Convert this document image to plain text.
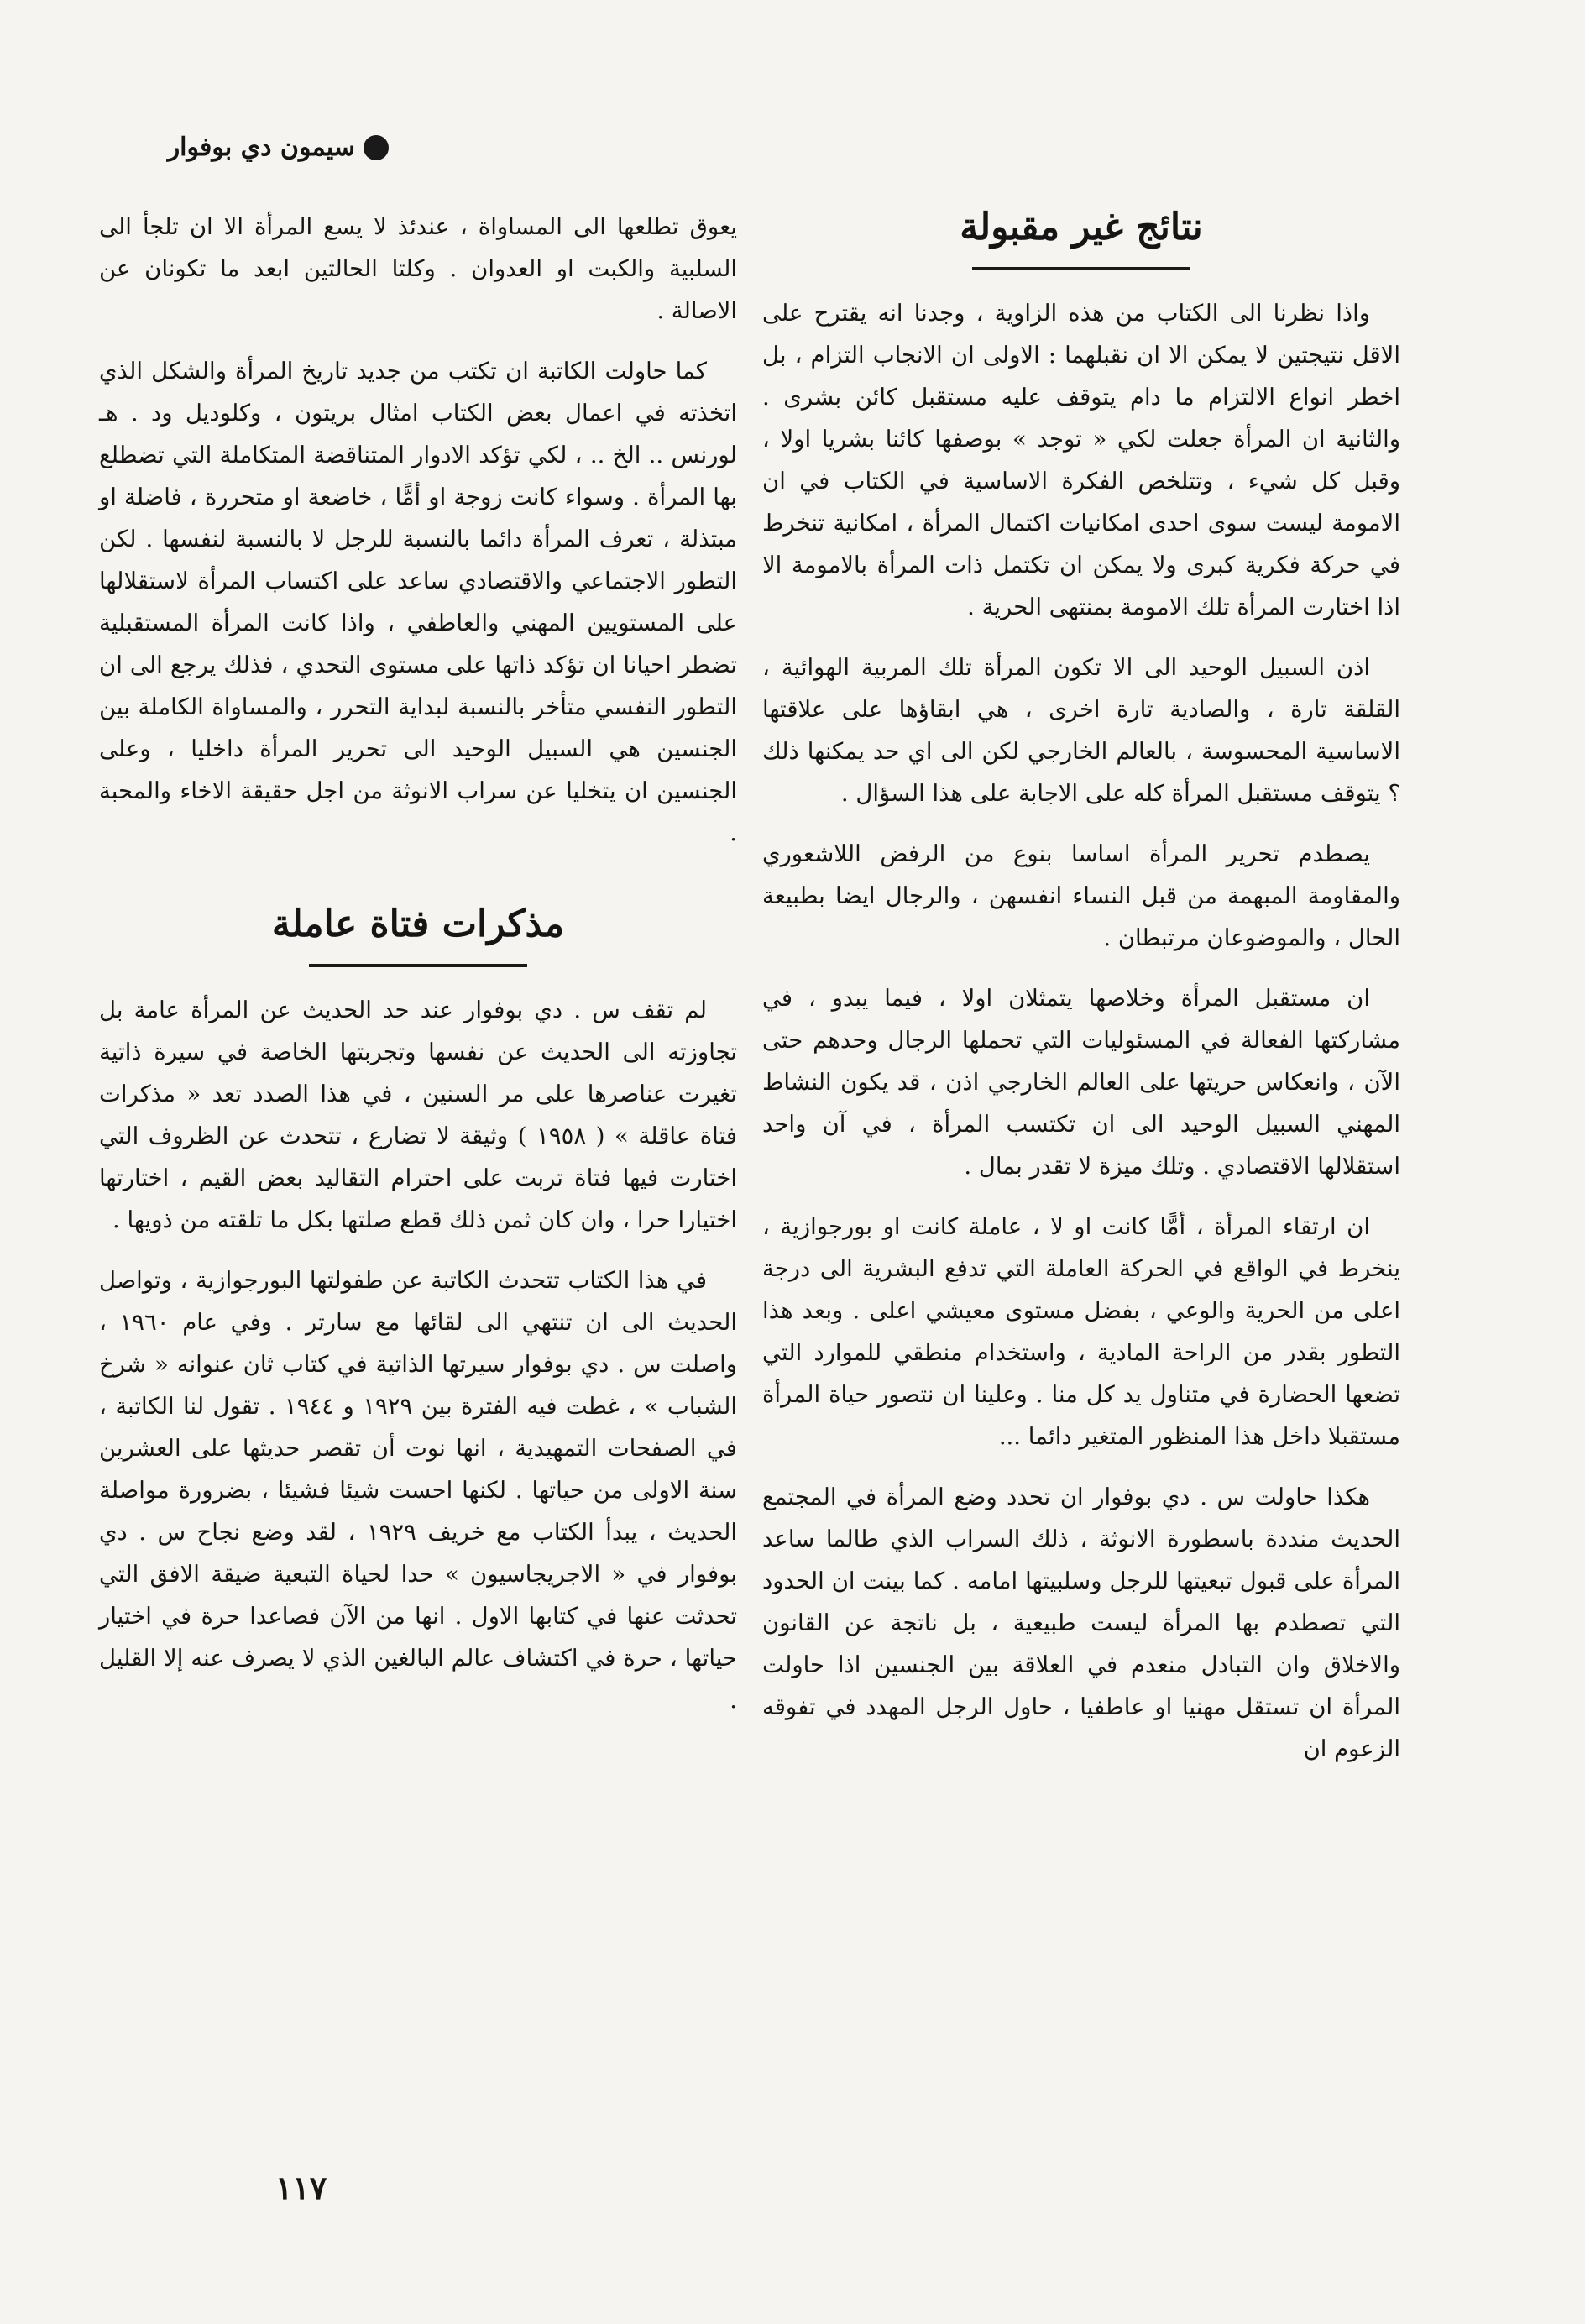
سيمون دي بوفوار
نتائج غير مقبولة

واذا نظرنا الى الكتاب من هذه الزاوية ، وجدنا انه يقترح على الاقل نتيجتين لا يمكن الا ان نقبلهما : الاولى ان الانجاب التزام ، بل اخطر انواع الالتزام ما دام يتوقف عليه مستقبل كائن بشرى . والثانية ان المرأة جعلت لكي « توجد » بوصفها كائنا بشريا اولا ، وقبل كل شيء ، وتتلخص الفكرة الاساسية في الكتاب في ان الامومة ليست سوى احدى امكانيات اكتمال المرأة ، امكانية تنخرط في حركة فكرية كبرى ولا يمكن ان تكتمل ذات المرأة بالامومة الا اذا اختارت المرأة تلك الامومة بمنتهى الحرية .

اذن السبيل الوحيد الى الا تكون المرأة تلك المربية الهوائية ، القلقة تارة ، والصادية تارة اخرى ، هي ابقاؤها على علاقتها الاساسية المحسوسة ، بالعالم الخارجي لكن الى اي حد يمكنها ذلك ؟ يتوقف مستقبل المرأة كله على الاجابة على هذا السؤال .

يصطدم تحرير المرأة اساسا بنوع من الرفض اللاشعوري والمقاومة المبهمة من قبل النساء انفسهن ، والرجال ايضا بطبيعة الحال ، والموضوعان مرتبطان .

ان مستقبل المرأة وخلاصها يتمثلان اولا ، فيما يبدو ، في مشاركتها الفعالة في المسئوليات التي تحملها الرجال وحدهم حتى الآن ، وانعكاس حريتها على العالم الخارجي اذن ، قد يكون النشاط المهني السبيل الوحيد الى ان تكتسب المرأة ، في آن واحد استقلالها الاقتصادي . وتلك ميزة لا تقدر بمال .

ان ارتقاء المرأة ، أمًّا كانت او لا ، عاملة كانت او بورجوازية ، ينخرط في الواقع في الحركة العاملة التي تدفع البشرية الى درجة اعلى من الحرية والوعي ، بفضل مستوى معيشي اعلى . وبعد هذا التطور بقدر من الراحة المادية ، واستخدام منطقي للموارد التي تضعها الحضارة في متناول يد كل منا . وعلينا ان نتصور حياة المرأة مستقبلا داخل هذا المنظور المتغير دائما ...

هكذا حاولت س . دي بوفوار ان تحدد وضع المرأة في المجتمع الحديث منددة باسطورة الانوثة ، ذلك السراب الذي طالما ساعد المرأة على قبول تبعيتها للرجل وسلبيتها امامه . كما بينت ان الحدود التي تصطدم بها المرأة ليست طبيعية ، بل ناتجة عن القانون والاخلاق وان التبادل منعدم في العلاقة بين الجنسين اذا حاولت المرأة ان تستقل مهنيا او عاطفيا ، حاول الرجل المهدد في تفوقه الزعوم ان

يعوق تطلعها الى المساواة ، عندئذ لا يسع المرأة الا ان تلجأ الى السلبية والكبت او العدوان . وكلتا الحالتين ابعد ما تكونان عن الاصالة .

كما حاولت الكاتبة ان تكتب من جديد تاريخ المرأة والشكل الذي اتخذته في اعمال بعض الكتاب امثال بريتون ، وكلوديل ود . هـ لورنس .. الخ .. ، لكي تؤكد الادوار المتناقضة المتكاملة التي تضطلع بها المرأة . وسواء كانت زوجة او أمًّا ، خاضعة او متحررة ، فاضلة او مبتذلة ، تعرف المرأة دائما بالنسبة للرجل لا بالنسبة لنفسها . لكن التطور الاجتماعي والاقتصادي ساعد على اكتساب المرأة لاستقلالها على المستويين المهني والعاطفي ، واذا كانت المرأة المستقبلية تضطر احيانا ان تؤكد ذاتها على مستوى التحدي ، فذلك يرجع الى ان التطور النفسي متأخر بالنسبة لبداية التحرر ، والمساواة الكاملة بين الجنسين هي السبيل الوحيد الى تحرير المرأة داخليا ، وعلى الجنسين ان يتخليا عن سراب الانوثة من اجل حقيقة الاخاء والمحبة .

مذكرات فتاة عاملة

لم تقف س . دي بوفوار عند حد الحديث عن المرأة عامة بل تجاوزته الى الحديث عن نفسها وتجربتها الخاصة في سيرة ذاتية تغيرت عناصرها على مر السنين ، في هذا الصدد تعد « مذكرات فتاة عاقلة » ( ١٩٥٨ ) وثيقة لا تضارع ، تتحدث عن الظروف التي اختارت فيها فتاة تربت على احترام التقاليد بعض القيم ، اختارتها اختيارا حرا ، وان كان ثمن ذلك قطع صلتها بكل ما تلقته من ذويها .

في هذا الكتاب تتحدث الكاتبة عن طفولتها البورجوازية ، وتواصل الحديث الى ان تنتهي الى لقائها مع سارتر . وفي عام ١٩٦٠ ، واصلت س . دي بوفوار سيرتها الذاتية في كتاب ثان عنوانه « شرخ الشباب » ، غطت فيه الفترة بين ١٩٢٩ و ١٩٤٤ . تقول لنا الكاتبة ، في الصفحات التمهيدية ، انها نوت أن تقصر حديثها على العشرين سنة الاولى من حياتها . لكنها احست شيئا فشيئا ، بضرورة مواصلة الحديث ، يبدأ الكتاب مع خريف ١٩٢٩ ، لقد وضع نجاح س . دي بوفوار في « الاجريجاسيون » حدا لحياة التبعية ضيقة الافق التي تحدثت عنها في كتابها الاول . انها من الآن فصاعدا حرة في اختيار حياتها ، حرة في اكتشاف عالم البالغين الذي لا يصرف عنه إلا القليل .

١١٧
